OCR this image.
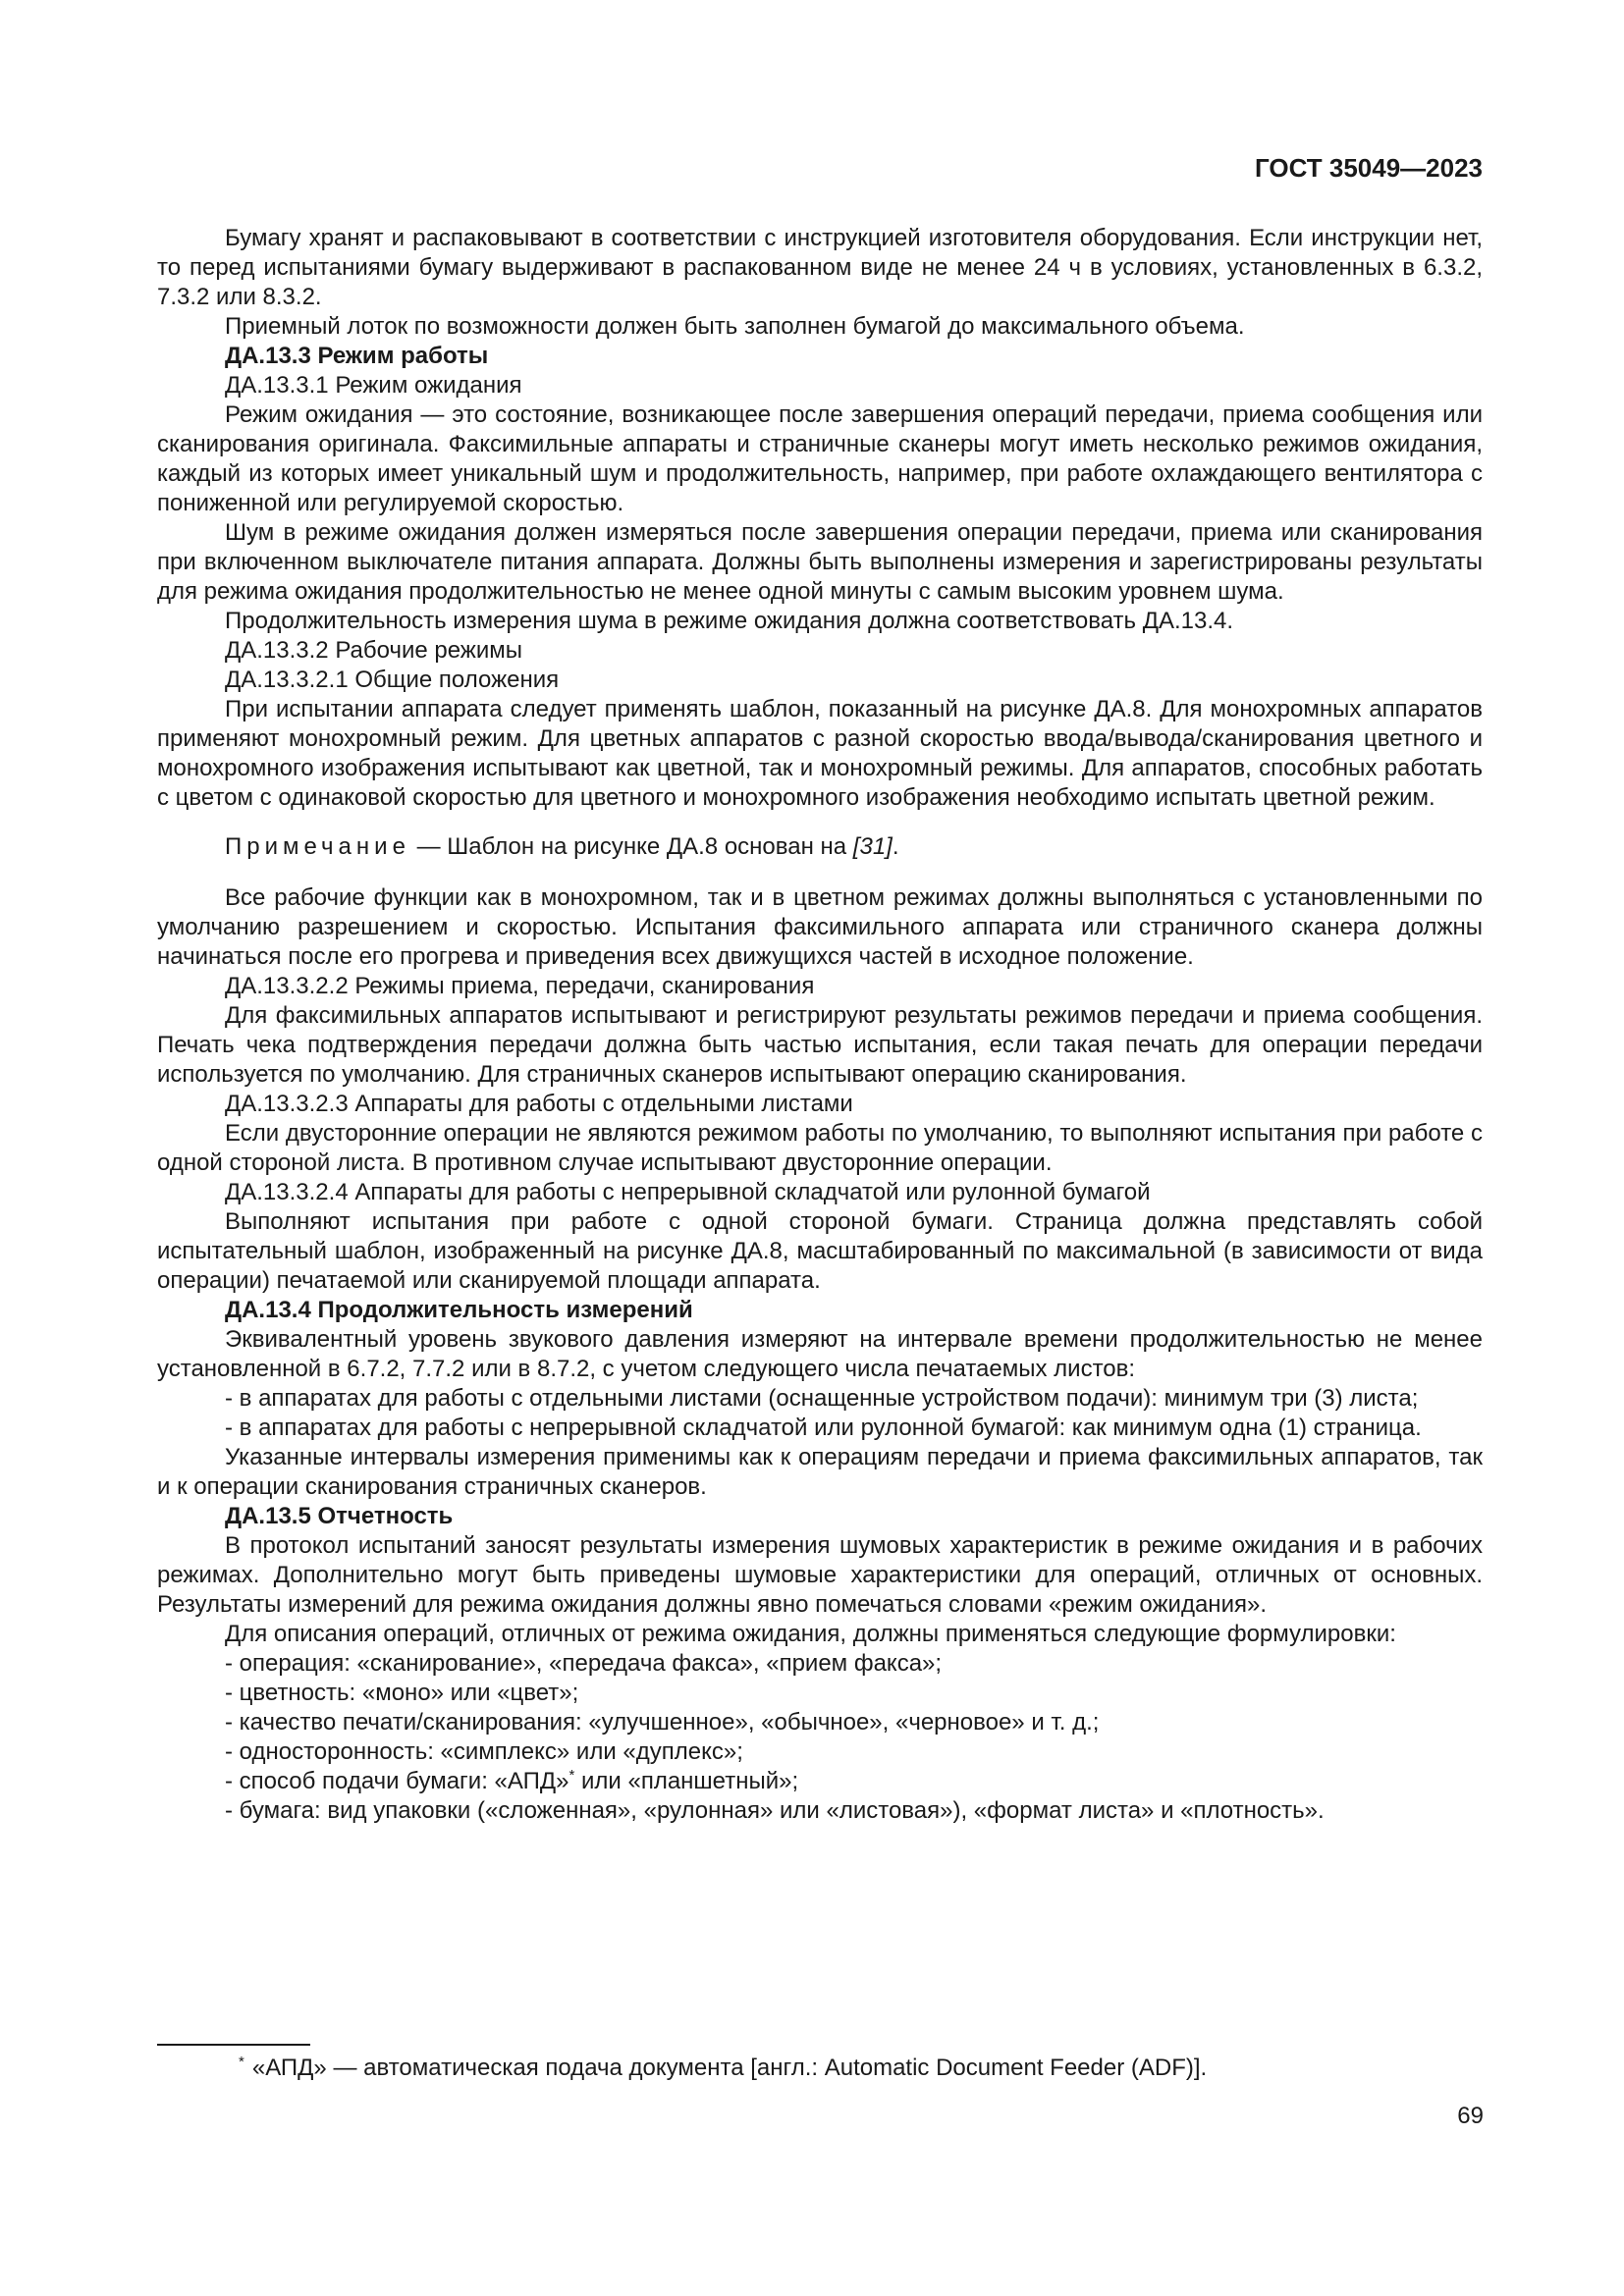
ГОСТ 35049—2023

Бумагу хранят и распаковывают в соответствии с инструкцией изготовителя оборудования. Если инструкции нет, то перед испытаниями бумагу выдерживают в распакованном виде не менее 24 ч в условиях, установленных в 6.3.2, 7.3.2 или 8.3.2.

Приемный лоток по возможности должен быть заполнен бумагой до максимального объема.

ДА.13.3 Режим работы

ДА.13.3.1 Режим ожидания

Режим ожидания — это состояние, возникающее после завершения операций передачи, приема сообщения или сканирования оригинала. Факсимильные аппараты и страничные сканеры могут иметь несколько режимов ожидания, каждый из которых имеет уникальный шум и продолжительность, например, при работе охлаждающего вентилятора с пониженной или регулируемой скоростью.

Шум в режиме ожидания должен измеряться после завершения операции передачи, приема или сканирования при включенном выключателе питания аппарата. Должны быть выполнены измерения и зарегистрированы результаты для режима ожидания продолжительностью не менее одной минуты с самым высоким уровнем шума.

Продолжительность измерения шума в режиме ожидания должна соответствовать ДА.13.4.

ДА.13.3.2 Рабочие режимы

ДА.13.3.2.1 Общие положения

При испытании аппарата следует применять шаблон, показанный на рисунке ДА.8. Для монохромных аппаратов применяют монохромный режим. Для цветных аппаратов с разной скоростью ввода/вывода/сканирования цветного и монохромного изображения испытывают как цветной, так и монохромный режимы. Для аппаратов, способных работать с цветом с одинаковой скоростью для цветного и монохромного изображения необходимо испытать цветной режим.

Примечание — Шаблон на рисунке ДА.8 основан на [31].

Все рабочие функции как в монохромном, так и в цветном режимах должны выполняться с установленными по умолчанию разрешением и скоростью. Испытания факсимильного аппарата или страничного сканера должны начинаться после его прогрева и приведения всех движущихся частей в исходное положение.

ДА.13.3.2.2 Режимы приема, передачи, сканирования

Для факсимильных аппаратов испытывают и регистрируют результаты режимов передачи и приема сообщения. Печать чека подтверждения передачи должна быть частью испытания, если такая печать для операции передачи используется по умолчанию. Для страничных сканеров испытывают операцию сканирования.

ДА.13.3.2.3 Аппараты для работы с отдельными листами

Если двусторонние операции не являются режимом работы по умолчанию, то выполняют испытания при работе с одной стороной листа. В противном случае испытывают двусторонние операции.

ДА.13.3.2.4 Аппараты для работы с непрерывной складчатой или рулонной бумагой

Выполняют испытания при работе с одной стороной бумаги. Страница должна представлять собой испытательный шаблон, изображенный на рисунке ДА.8, масштабированный по максимальной (в зависимости от вида операции) печатаемой или сканируемой площади аппарата.

ДА.13.4 Продолжительность измерений

Эквивалентный уровень звукового давления измеряют на интервале времени продолжительностью не менее установленной в 6.7.2, 7.7.2 или в 8.7.2, с учетом следующего числа печатаемых листов:

- в аппаратах для работы с отдельными листами (оснащенные устройством подачи): минимум три (3) листа;

- в аппаратах для работы с непрерывной складчатой или рулонной бумагой: как минимум одна (1) страница.

Указанные интервалы измерения применимы как к операциям передачи и приема факсимильных аппаратов, так и к операции сканирования страничных сканеров.

ДА.13.5 Отчетность

В протокол испытаний заносят результаты измерения шумовых характеристик в режиме ожидания и в рабочих режимах. Дополнительно могут быть приведены шумовые характеристики для операций, отличных от основных. Результаты измерений для режима ожидания должны явно помечаться словами «режим ожидания».

Для описания операций, отличных от режима ожидания, должны применяться следующие формулировки:

- операция: «сканирование», «передача факса», «прием факса»;

- цветность: «моно» или «цвет»;

- качество печати/сканирования: «улучшенное», «обычное», «черновое» и т. д.;

- односторонность: «симплекс» или «дуплекс»;

- способ подачи бумаги: «АПД»* или «планшетный»;

- бумага: вид упаковки («сложенная», «рулонная» или «листовая»), «формат листа» и «плотность».

* «АПД» — автоматическая подача документа [англ.: Automatic Document Feeder (ADF)].
69
